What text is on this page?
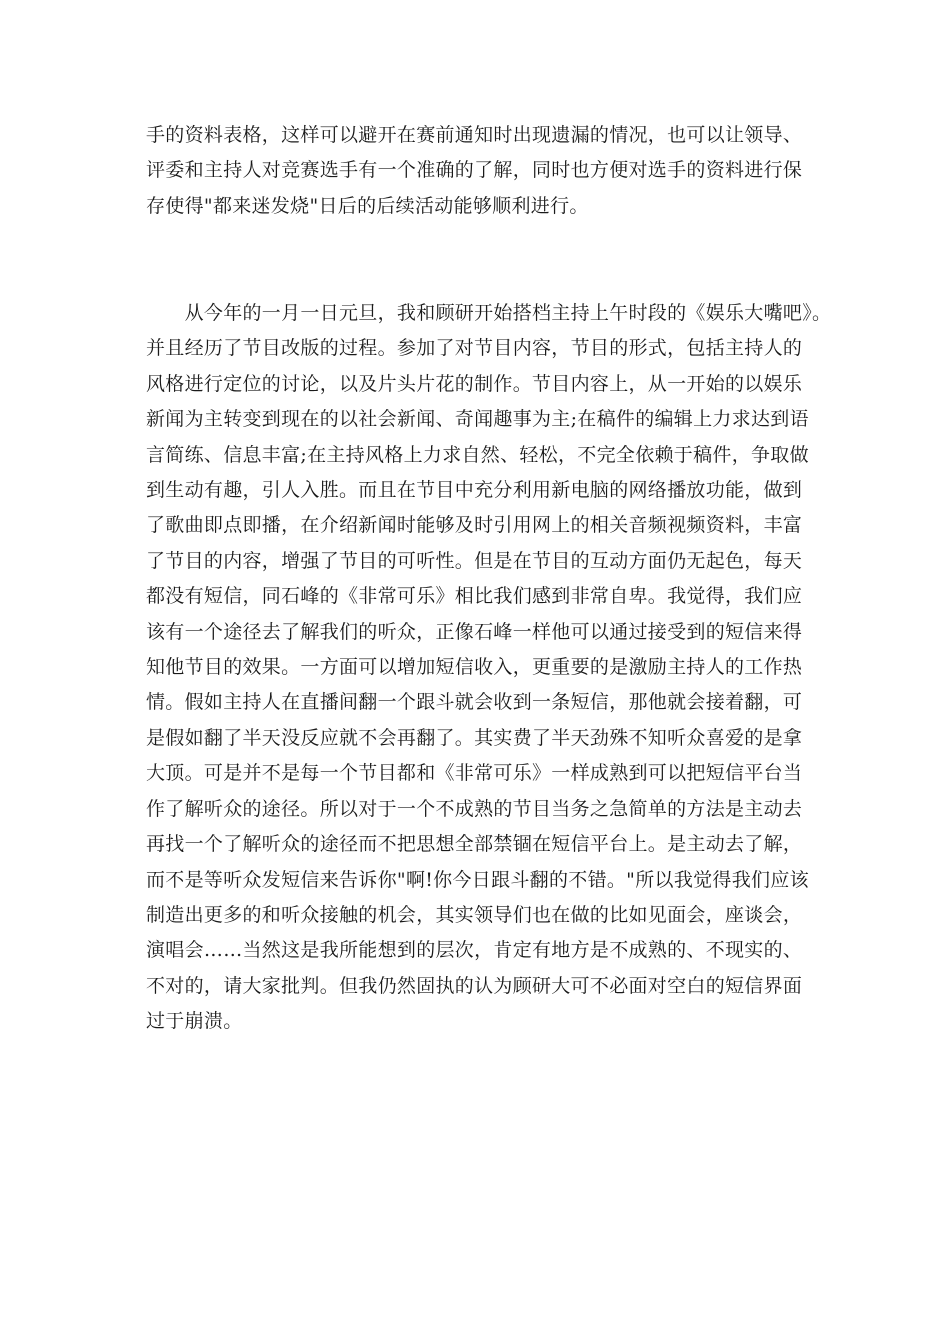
手的资料表格，这样可以避开在赛前通知时出现遗漏的情况，也可以让领导、
评委和主持人对竞赛选手有一个准确的了解，同时也方便对选手的资料进行保
存使得"都来迷发烧"日后的后续活动能够顺利进行。
　　从今年的一月一日元旦，我和顾研开始搭档主持上午时段的《娱乐大嘴吧》。
并且经历了节目改版的过程。参加了对节目内容，节目的形式，包括主持人的
风格进行定位的讨论，以及片头片花的制作。节目内容上，从一开始的以娱乐
新闻为主转变到现在的以社会新闻、奇闻趣事为主;在稿件的编辑上力求达到语
言简练、信息丰富;在主持风格上力求自然、轻松，不完全依赖于稿件，争取做
到生动有趣，引人入胜。而且在节目中充分利用新电脑的网络播放功能，做到
了歌曲即点即播，在介绍新闻时能够及时引用网上的相关音频视频资料，丰富
了节目的内容，增强了节目的可听性。但是在节目的互动方面仍无起色，每天
都没有短信，同石峰的《非常可乐》相比我们感到非常自卑。我觉得，我们应
该有一个途径去了解我们的听众，正像石峰一样他可以通过接受到的短信来得
知他节目的效果。一方面可以增加短信收入，更重要的是激励主持人的工作热
情。假如主持人在直播间翻一个跟斗就会收到一条短信，那他就会接着翻，可
是假如翻了半天没反应就不会再翻了。其实费了半天劲殊不知听众喜爱的是拿
大顶。可是并不是每一个节目都和《非常可乐》一样成熟到可以把短信平台当
作了解听众的途径。所以对于一个不成熟的节目当务之急简单的方法是主动去
再找一个了解听众的途径而不把思想全部禁锢在短信平台上。是主动去了解，
而不是等听众发短信来告诉你"啊!你今日跟斗翻的不错。"所以我觉得我们应该
制造出更多的和听众接触的机会，其实领导们也在做的比如见面会，座谈会，
演唱会……当然这是我所能想到的层次，肯定有地方是不成熟的、不现实的、
不对的，请大家批判。但我仍然固执的认为顾研大可不必面对空白的短信界面
过于崩溃。
